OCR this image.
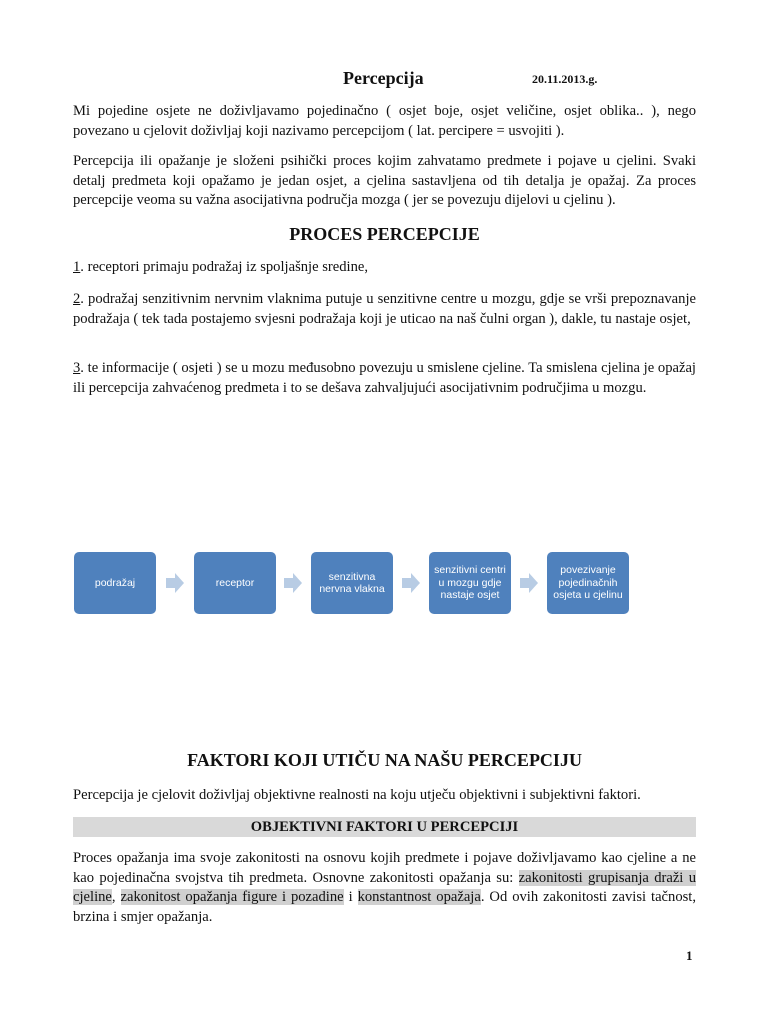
Percepcija	20.11.2013.g.

Mi pojedine osjete ne doživljavamo pojedinačno ( osjet boje, osjet veličine, osjet oblika.. ), nego povezano u cjelovit doživljaj koji nazivamo percepcijom ( lat. percipere = usvojiti ).

Percepcija ili opažanje je složeni psihički proces kojim zahvatamo predmete i pojave u cjelini. Svaki detalj predmeta koji opažamo je jedan osjet, a cjelina sastavljena od tih detalja je opažaj. Za proces percepcije veoma su važna asocijativna područja mozga ( jer se povezuju dijelovi u cjelinu ).

PROCES PERCEPCIJE

1. receptori primaju podražaj iz spoljašnje sredine,

2. podražaj senzitivnim nervnim vlaknima putuje u senzitivne centre u mozgu, gdje se vrši prepoznavanje podražaja ( tek tada postajemo svjesni podražaja koji je uticao na naš čulni organ ), dakle, tu nastaje osjet,

3. te informacije ( osjeti ) se u mozu međusobno povezuju u smislene cjeline. Ta smislena cjelina je opažaj ili percepcija zahvaćenog predmeta i to se dešava zahvaljujući asocijativnim područjima u mozgu.

podražaj	receptor
senzitivna nervna vlakna
senzitivni centri u mozgu gdje nastaje osjet
povezivanje pojedinačnih osjeta u cjelinu
FAKTORI KOJI UTIČU NA NAŠU PERCEPCIJU

Percepcija je cjelovit doživljaj objektivne realnosti na koju utječu objektivni i subjektivni faktori.

OBJEKTIVNI FAKTORI U PERCEPCIJI

Proces opažanja ima svoje zakonitosti na osnovu kojih predmete i pojave doživljavamo kao cjeline a ne kao pojedinačna svojstva tih predmeta. Osnovne zakonitosti opažanja su: zakonitosti grupisanja draži u cjeline, zakonitost opažanja figure i pozadine i konstantnost opažaja. Od ovih zakonitosti zavisi tačnost, brzina i smjer opažanja.

1
